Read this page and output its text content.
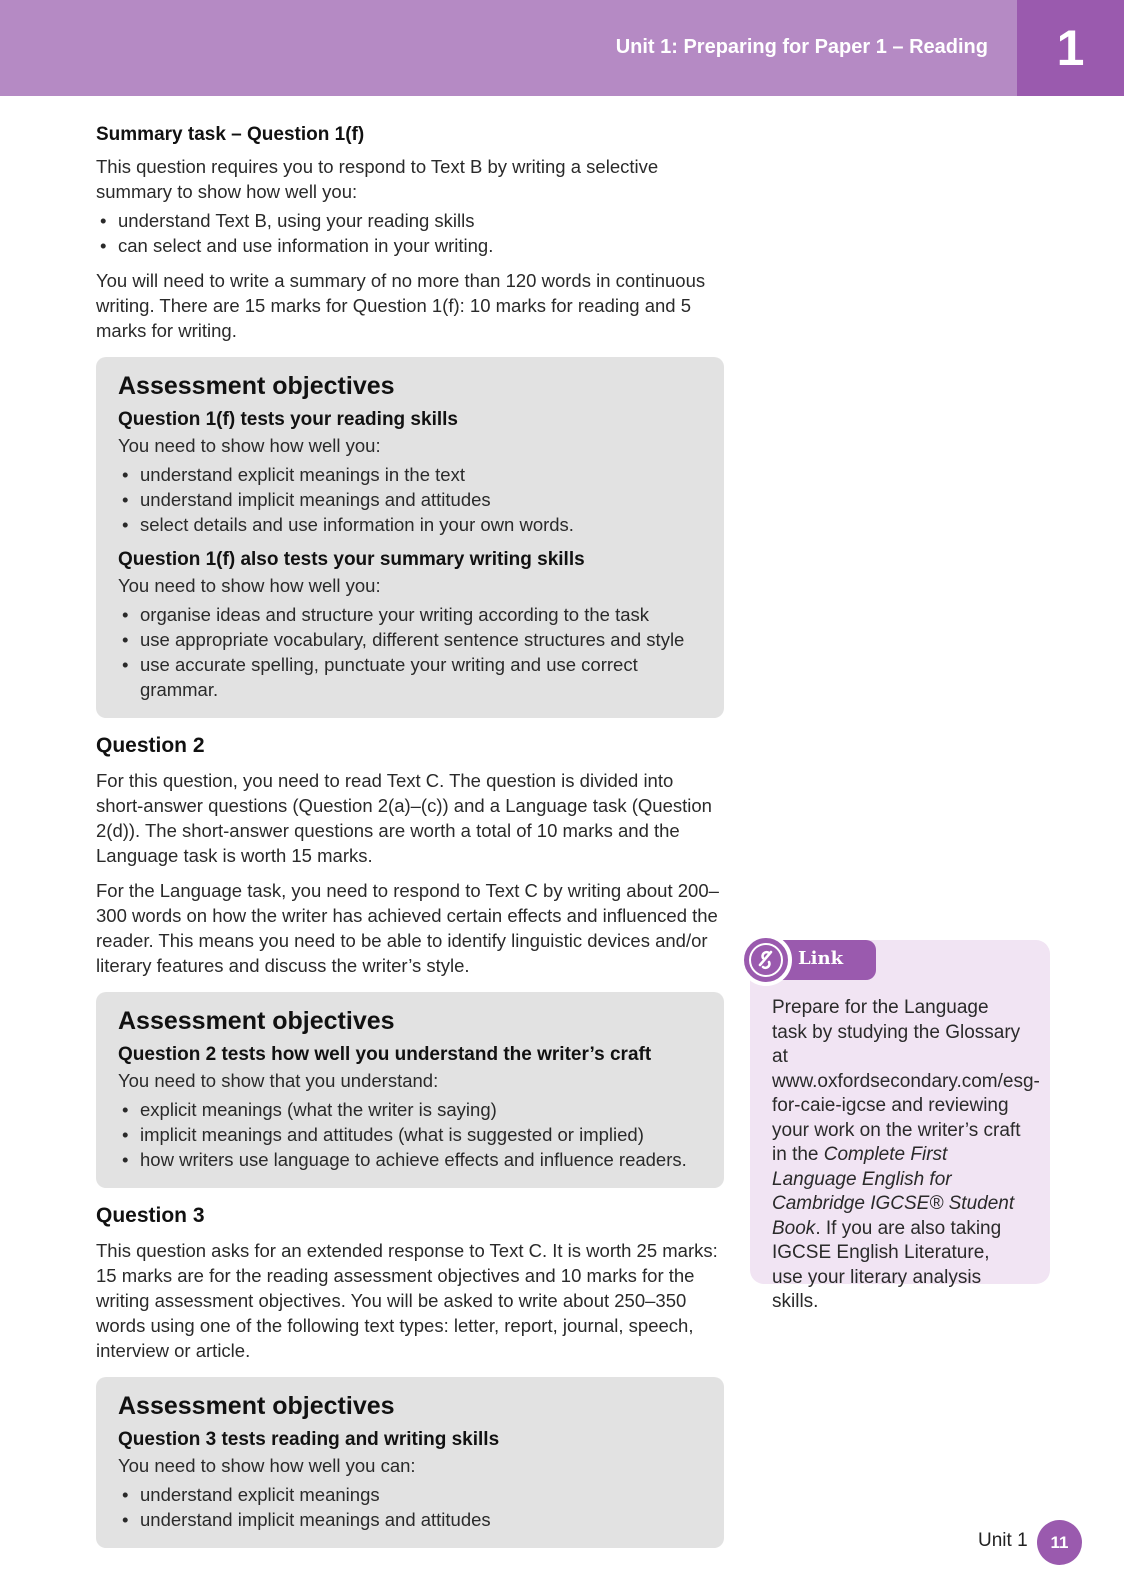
Unit 1: Preparing for Paper 1 – Reading	1
Summary task – Question 1(f)

This question requires you to respond to Text B by writing a selective summary to show how well you:

• understand Text B, using your reading skills
• can select and use information in your writing.

You will need to write a summary of no more than 120 words in continuous writing. There are 15 marks for Question 1(f): 10 marks for reading and 5 marks for writing.

Assessment objectives
Question 1(f) tests your reading skills

You need to show how well you:

• understand explicit meanings in the text
• understand implicit meanings and attitudes
• select details and use information in your own words.
Question 1(f) also tests your summary writing skills

You need to show how well you:

• organise ideas and structure your writing according to the task
• use appropriate vocabulary, different sentence structures and style
• use accurate spelling, punctuate your writing and use correct grammar.
Question 2

For this question, you need to read Text C. The question is divided into short-answer questions (Question 2(a)–(c)) and a Language task (Question 2(d)). The short-answer questions are worth a total of 10 marks and the Language task is worth 15 marks.

For the Language task, you need to respond to Text C by writing about 200–300 words on how the writer has achieved certain effects and influenced the reader. This means you need to be able to identify linguistic devices and/or literary features and discuss the writer’s style.

Assessment objectives
Question 2 tests how well you understand the writer’s craft

You need to show that you understand:

• explicit meanings (what the writer is saying)
• implicit meanings and attitudes (what is suggested or implied)
• how writers use language to achieve effects and influence readers.
Question 3

This question asks for an extended response to Text C. It is worth 25 marks: 15 marks are for the reading assessment objectives and 10 marks for the writing assessment objectives. You will be asked to write about 250–350 words using one of the following text types: letter, report, journal, speech, interview or article.

Assessment objectives
Question 3 tests reading and writing skills

You need to show how well you can:

• understand explicit meanings
• understand implicit meanings and attitudes
Link
Prepare for the Language task by studying the Glossary at www.oxfordsecondary.com/esg-for-caie-igcse and reviewing your work on the writer’s craft in the Complete First Language English for Cambridge IGCSE® Student Book. If you are also taking IGCSE English Literature, use your literary analysis skills.
Unit 1	11
